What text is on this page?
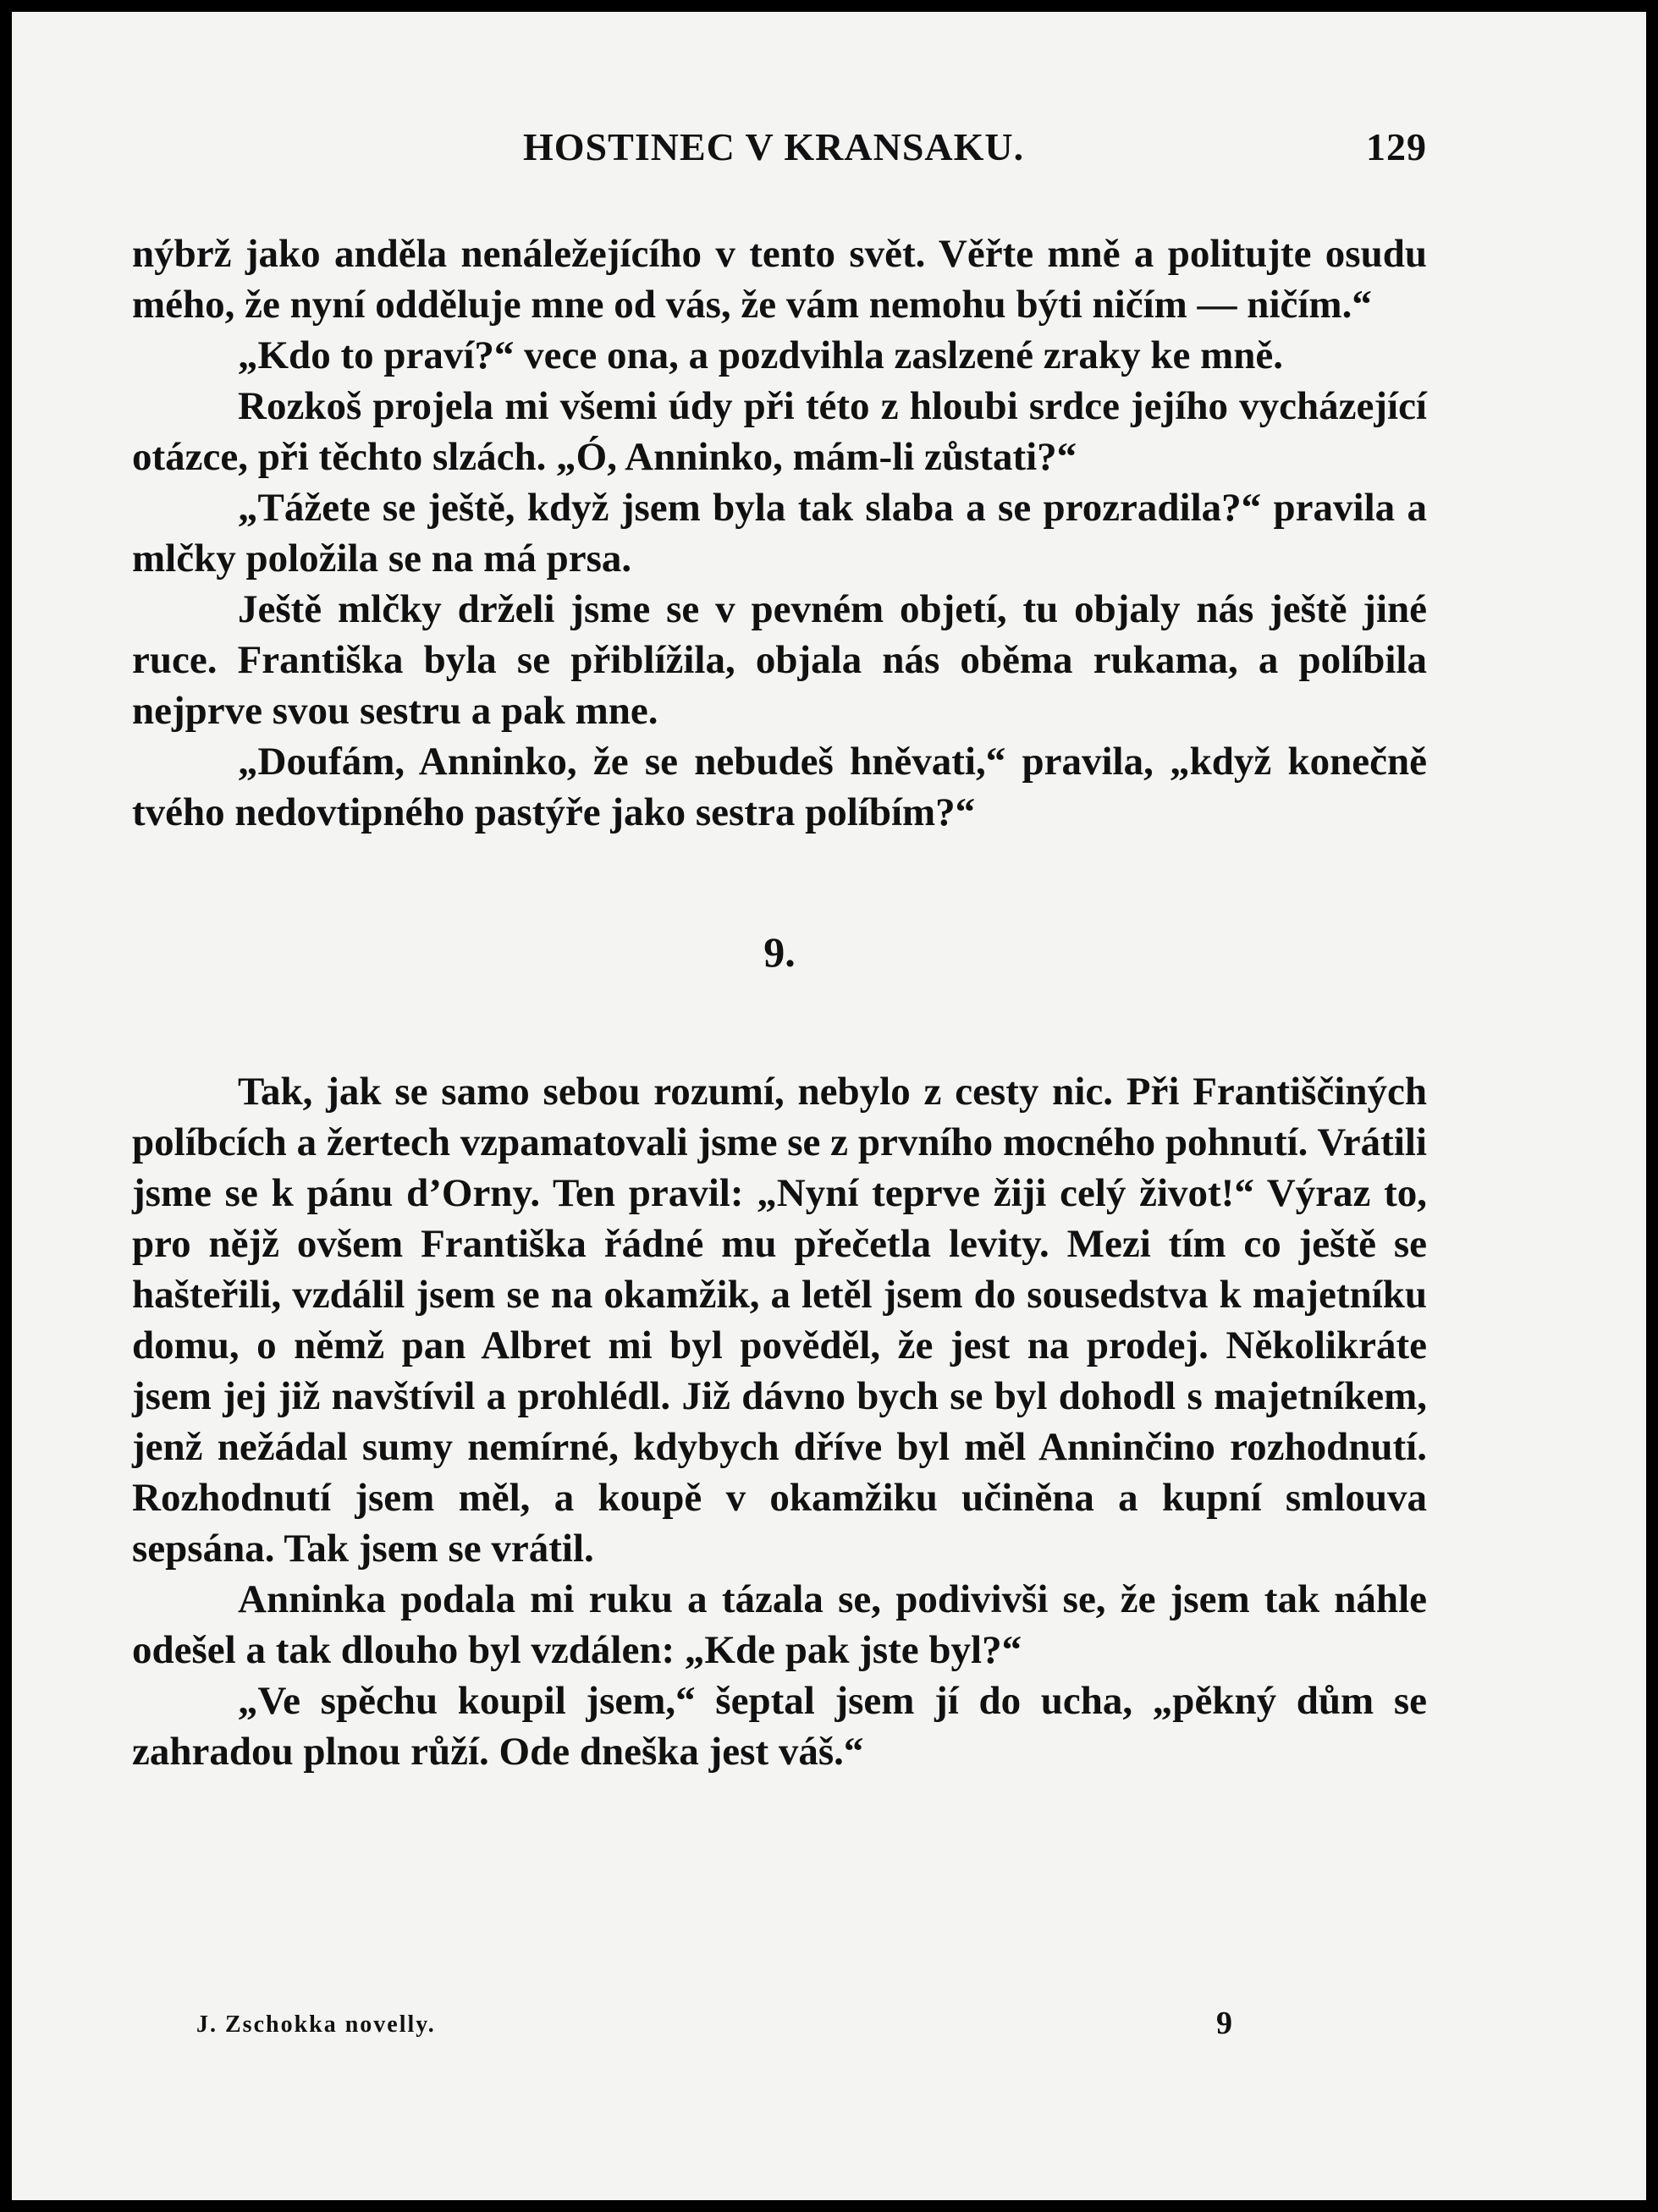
HOSTINEC V KRANSAKU.	129

nýbrž jako anděla nenáležejícího v tento svět. Věřte mně a politujte osudu mého, že nyní odděluje mne od vás, že vám nemohu býti ničím — ničím.“

„Kdo to praví?“ vece ona, a pozdvihla zaslzené zraky ke mně.

Rozkoš projela mi všemi údy při této z hloubi srdce jejího vycházející otázce, při těchto slzách. „Ó, Anninko, mám-li zůstati?“

„Tážete se ještě, když jsem byla tak slaba a se prozradila?“ pravila a mlčky položila se na má prsa.

Ještě mlčky drželi jsme se v pevném objetí, tu objaly nás ještě jiné ruce. Františka byla se přiblížila, objala nás oběma rukama, a políbila nejprve svou sestru a pak mne.

„Doufám, Anninko, že se nebudeš hněvati,“ pravila, „když konečně tvého nedovtipného pastýře jako sestra políbím?“

9.

Tak, jak se samo sebou rozumí, nebylo z cesty nic. Při Františčiných políbcích a žertech vzpamatovali jsme se z prvního mocného pohnutí. Vrátili jsme se k pánu d’Orny. Ten pravil: „Nyní teprve žiji celý život!“ Výraz to, pro nějž ovšem Františka řádné mu přečetla levity. Mezi tím co ještě se hašteřili, vzdálil jsem se na okamžik, a letěl jsem do sousedstva k majetníku domu, o němž pan Albret mi byl pověděl, že jest na prodej. Několikráte jsem jej již navštívil a prohlédl. Již dávno bych se byl dohodl s majetníkem, jenž nežádal sumy nemírné, kdybych dříve byl měl Anninčino rozhodnutí. Rozhodnutí jsem měl, a koupě v okamžiku učiněna a kupní smlouva sepsána. Tak jsem se vrátil.

Anninka podala mi ruku a tázala se, podivivši se, že jsem tak náhle odešel a tak dlouho byl vzdálen: „Kde pak jste byl?“

„Ve spěchu koupil jsem,“ šeptal jsem jí do ucha, „pěkný dům se zahradou plnou růží. Ode dneška jest váš.“

J. Zschokka novelly.	9
